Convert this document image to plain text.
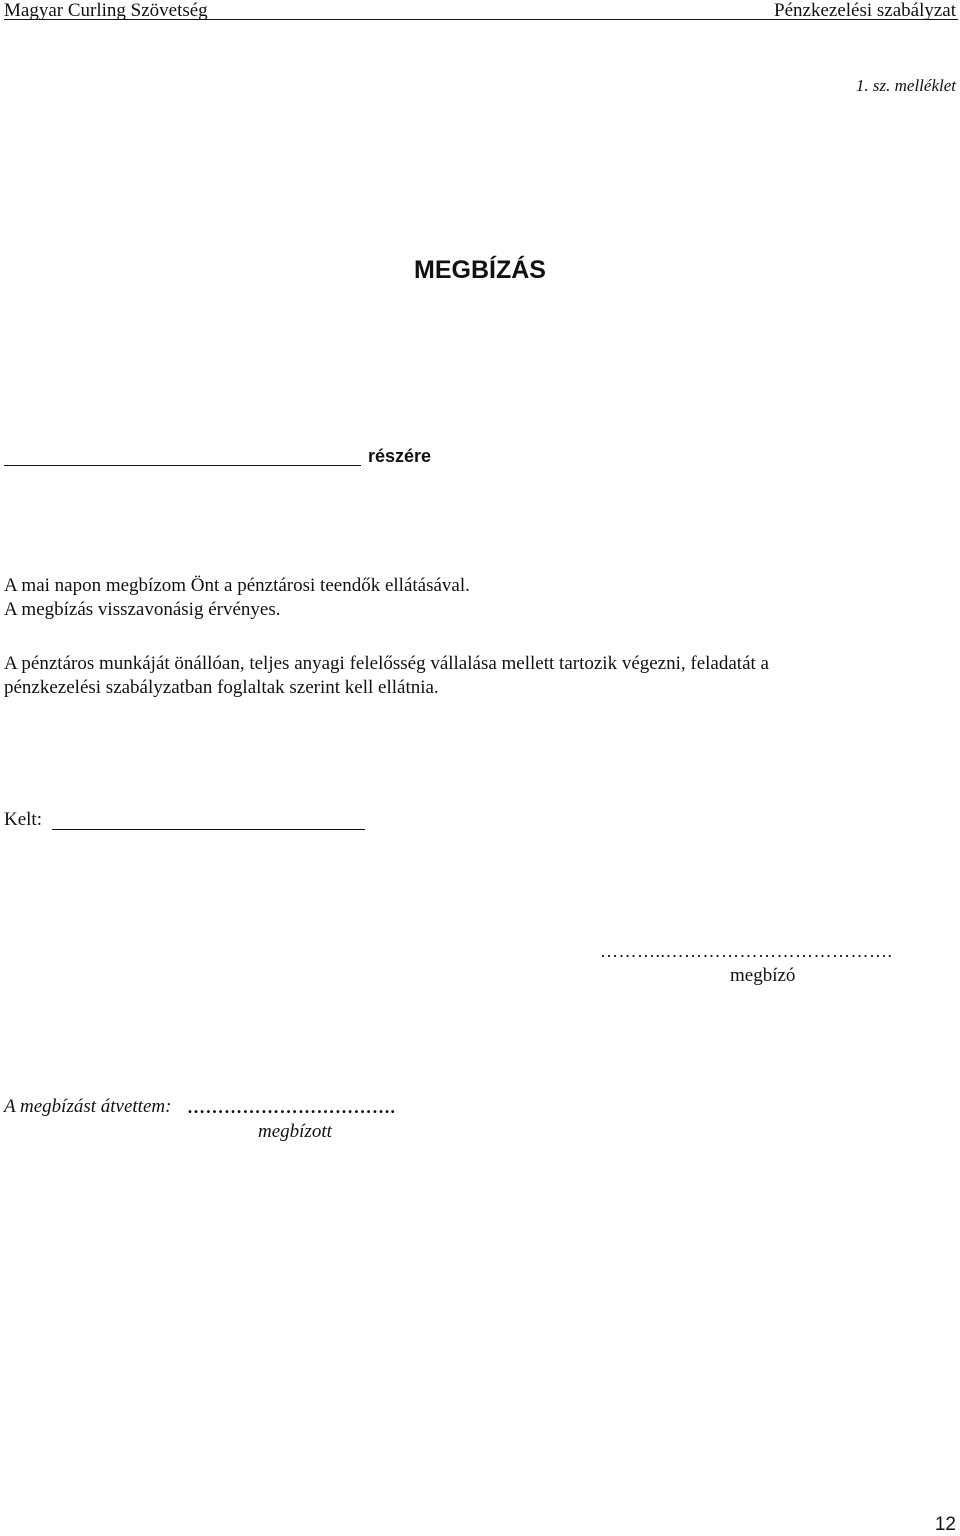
Magyar Curling Szövetség	Pénzkezelési szabályzat
1. sz. melléklet
MEGBÍZÁS
részére
A mai napon megbízom Önt a pénztárosi teendők ellátásával.
A megbízás visszavonásig érvényes.
A pénztáros munkáját önállóan, teljes anyagi felelősség vállalása mellett tartozik végezni, feladatát a
pénzkezelési szabályzatban foglaltak szerint kell ellátnia.
Kelt:
………..……………………………….
megbízó
A megbízást átvettem: …………………………….
megbízott
12
